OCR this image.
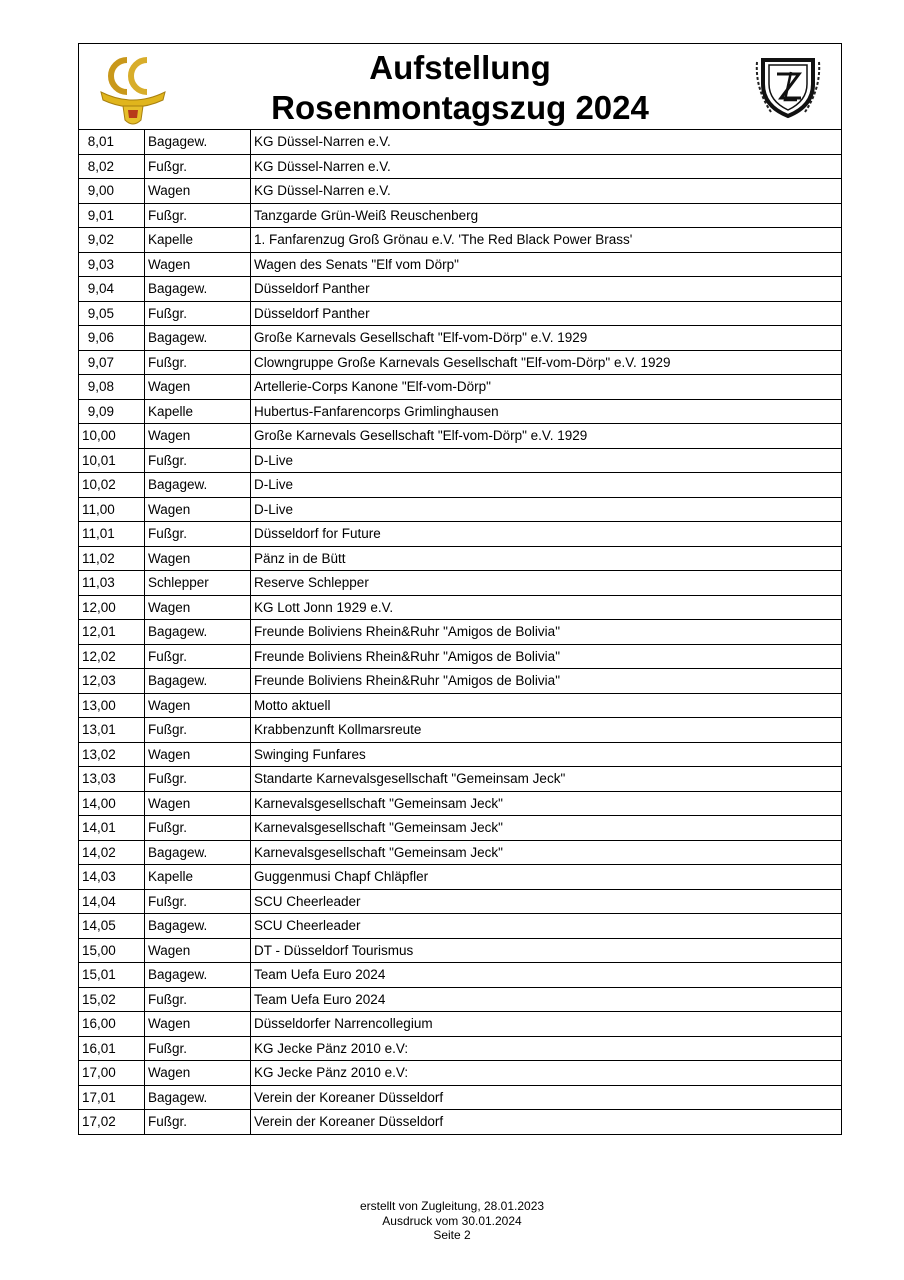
Aufstellung
Rosenmontagszug 2024
8,01	Bagagew.	KG Düssel-Narren e.V.
8,02	Fußgr.	KG Düssel-Narren e.V.
9,00	Wagen	KG Düssel-Narren e.V.
9,01	Fußgr.	Tanzgarde Grün-Weiß Reuschenberg
9,02	Kapelle	1. Fanfarenzug Groß Grönau e.V. 'The Red Black Power Brass'
9,03	Wagen	Wagen des Senats "Elf vom Dörp"
9,04	Bagagew.	Düsseldorf Panther
9,05	Fußgr.	Düsseldorf Panther
9,06	Bagagew.	Große Karnevals Gesellschaft "Elf-vom-Dörp" e.V. 1929
9,07	Fußgr.	Clowngruppe Große Karnevals Gesellschaft "Elf-vom-Dörp" e.V. 1929
9,08	Wagen	Artellerie-Corps Kanone "Elf-vom-Dörp"
9,09	Kapelle	Hubertus-Fanfarencorps Grimlinghausen
10,00	Wagen	Große Karnevals Gesellschaft "Elf-vom-Dörp" e.V. 1929
10,01	Fußgr.	D-Live
10,02	Bagagew.	D-Live
11,00	Wagen	D-Live
11,01	Fußgr.	Düsseldorf for Future
11,02	Wagen	Pänz in de Bütt
11,03	Schlepper	Reserve Schlepper
12,00	Wagen	KG Lott Jonn 1929 e.V.
12,01	Bagagew.	Freunde Boliviens Rhein&Ruhr "Amigos de Bolivia"
12,02	Fußgr.	Freunde Boliviens Rhein&Ruhr "Amigos de Bolivia"
12,03	Bagagew.	Freunde Boliviens Rhein&Ruhr "Amigos de Bolivia"
13,00	Wagen	Motto aktuell
13,01	Fußgr.	Krabbenzunft Kollmarsreute
13,02	Wagen	Swinging Funfares
13,03	Fußgr.	Standarte Karnevalsgesellschaft "Gemeinsam Jeck"
14,00	Wagen	Karnevalsgesellschaft "Gemeinsam Jeck"
14,01	Fußgr.	Karnevalsgesellschaft "Gemeinsam Jeck"
14,02	Bagagew.	Karnevalsgesellschaft "Gemeinsam Jeck"
14,03	Kapelle	Guggenmusi Chapf Chläpfler
14,04	Fußgr.	SCU Cheerleader
14,05	Bagagew.	SCU Cheerleader
15,00	Wagen	DT - Düsseldorf Tourismus
15,01	Bagagew.	Team Uefa Euro 2024
15,02	Fußgr.	Team Uefa Euro 2024
16,00	Wagen	Düsseldorfer Narrencollegium
16,01	Fußgr.	KG Jecke Pänz 2010 e.V:
17,00	Wagen	KG Jecke Pänz 2010 e.V:
17,01	Bagagew.	Verein der Koreaner Düsseldorf
17,02	Fußgr.	Verein der Koreaner Düsseldorf
erstellt von Zugleitung, 28.01.2023
Ausdruck vom 30.01.2024
Seite 2
